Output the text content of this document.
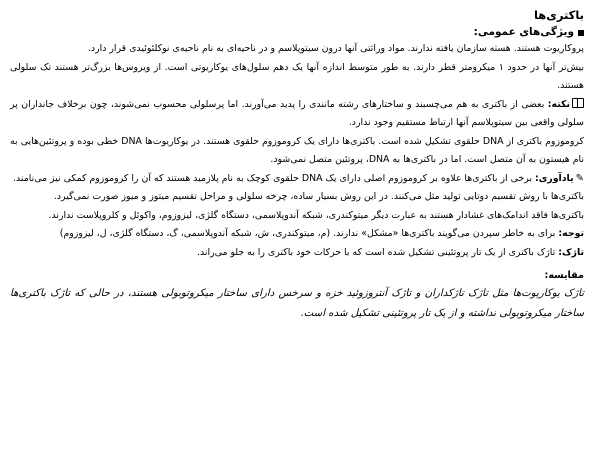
باکتری‌ها
ویژگی‌های عمومی:

پروکاریوت هستند. هسته سازمان یافته ندارند. مواد وراثتی آنها درون سیتوپلاسم و در ناحیه‌ای به نام ناحیه‌ی نوکلئوئیدی قرار دارد.

بیش‌تر آنها در حدود ۱ میکرومتر قطر دارند. به طور متوسط اندازه آنها یک دهم سلول‌های یوکاریوتی است. از ویروس‌ها بزرگ‌تر هستند تک سلولی هستند.

نکته: بعضی از باکتری به هم می‌چسبند و ساختارهای رشته مانندی را پدید می‌آورند. اما پرسلولی محسوب نمی‌شوند، چون برخلاف جانداران پر سلولی واقعی بین سیتوپلاسم آنها ارتباط مستقیم وجود ندارد.

کروموزوم باکتری از DNA حلقوی تشکیل شده است. باکتری‌ها دارای یک کروموزوم حلقوی هستند. در یوکاریوت‌ها DNA خطی بوده و پروتئین‌هایی به نام هیستون به آن متصل است. اما در باکتری‌ها به DNA، پروتئین متصل نمی‌شود.

✎یادآوری: برخی از باکتری‌ها علاوه بر کروموزوم اصلی دارای یک DNA حلقوی کوچک به نام پلازمید هستند که آن را کروموزوم کمکی نیز می‌نامند.

باکتری‌ها با روش تقسیم دوتایی تولید مثل می‌کنند. در این روش بسیار ساده، چرخه سلولی و مراحل تقسیم میتوز و میوز صورت نمی‌گیرد.

باکتری‌ها فاقد اندامک‌های غشادار هستند به عبارت دیگر میتوکندری، شبکه آندوپلاسمی، دستگاه گلژی، لیزوزوم، واکوئل و کلروپلاست ندارند.

توجه: برای به خاطر سپردن می‌گویند باکتری‌ها «مشکل» ندارند. (م، میتوکندری، ش، شبکه آندوپلاسمی، گ، دستگاه گلژی، ل، لیزوزوم)

تاژک: تاژک باکتری از یک تار پروتئینی تشکیل شده است که با حرکات خود باکتری را به جلو می‌راند.

مقایسه:

تاژک یوکاریوت‌ها مثل تاژک تاژکداران و تاژک آنتروزوئید خزه و سرخس دارای ساختار میکروتوبولی هستند، در حالی که تاژک باکتری‌ها ساختار میکروتوبولی نداشته و از یک تار پروتئینی تشکیل شده است.
